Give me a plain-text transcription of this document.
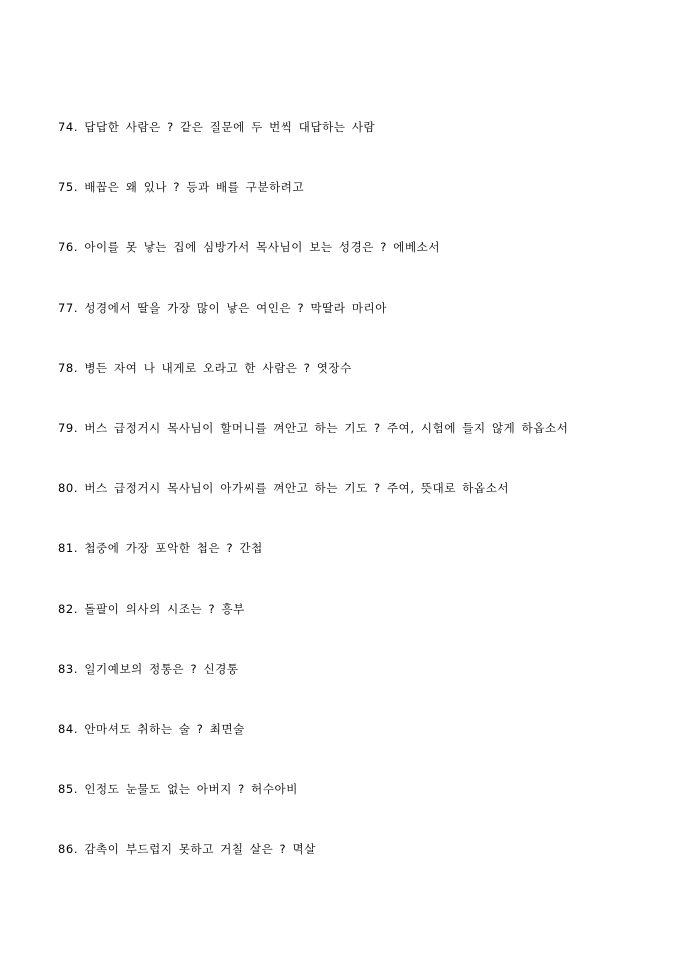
74. 답답한 사람은 ? 같은 질문에 두 번씩 대답하는 사람
75. 배꼽은 왜 있나 ? 등과 배를 구분하려고
76. 아이를 못 낳는 집에 심방가서 목사님이 보는 성경은 ? 에베소서
77. 성경에서 딸을 가장 많이 낳은 여인은 ? 막딸라 마리아
78. 병든 자여 나 내게로 오라고 한 사람은 ? 엿장수
79. 버스 급정거시 목사님이 할머니를 껴안고 하는 기도 ? 주여, 시험에 들지 않게 하옵소서
80. 버스 급정거시 목사님이 아가씨를 껴안고 하는 기도 ? 주여, 뜻대로 하옵소서
81. 첩중에 가장 포악한 첩은 ? 간첩
82. 돌팔이 의사의 시조는 ? 흥부
83. 일기예보의 정통은 ? 신경통
84. 안마셔도 취하는 술 ? 최면술
85. 인정도 눈물도 없는 아버지 ? 허수아비
86. 감촉이 부드럽지 못하고 거칠 살은 ? 멱살
